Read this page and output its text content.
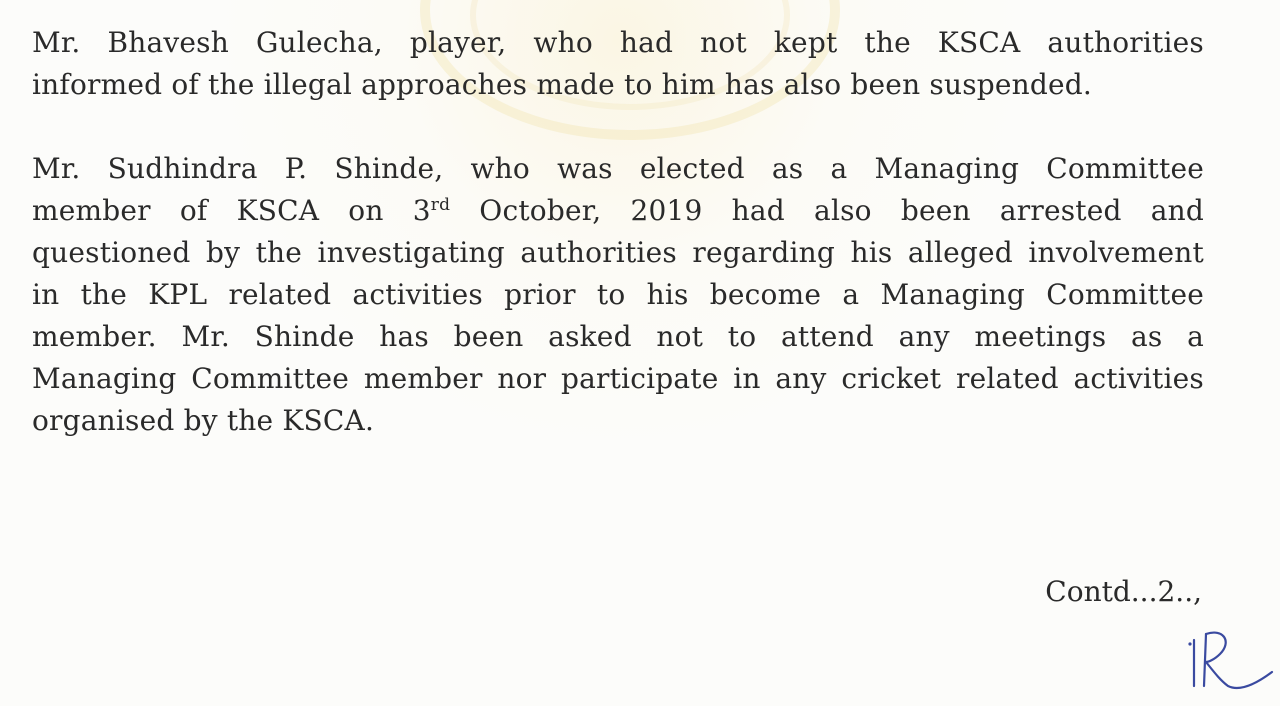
Mr. Bhavesh Gulecha, player, who had not kept the KSCA authorities
informed of the illegal approaches made to him has also been suspended.
Mr. Sudhindra P. Shinde, who was elected as a Managing Committee
member of KSCA on 3rd October, 2019 had also been arrested and
questioned by the investigating authorities regarding his alleged involvement
in the KPL related activities prior to his become a Managing Committee
member. Mr. Shinde has been asked not to attend any meetings as a
Managing Committee member nor participate in any cricket related activities
organised by the KSCA.

Contd...2..,
